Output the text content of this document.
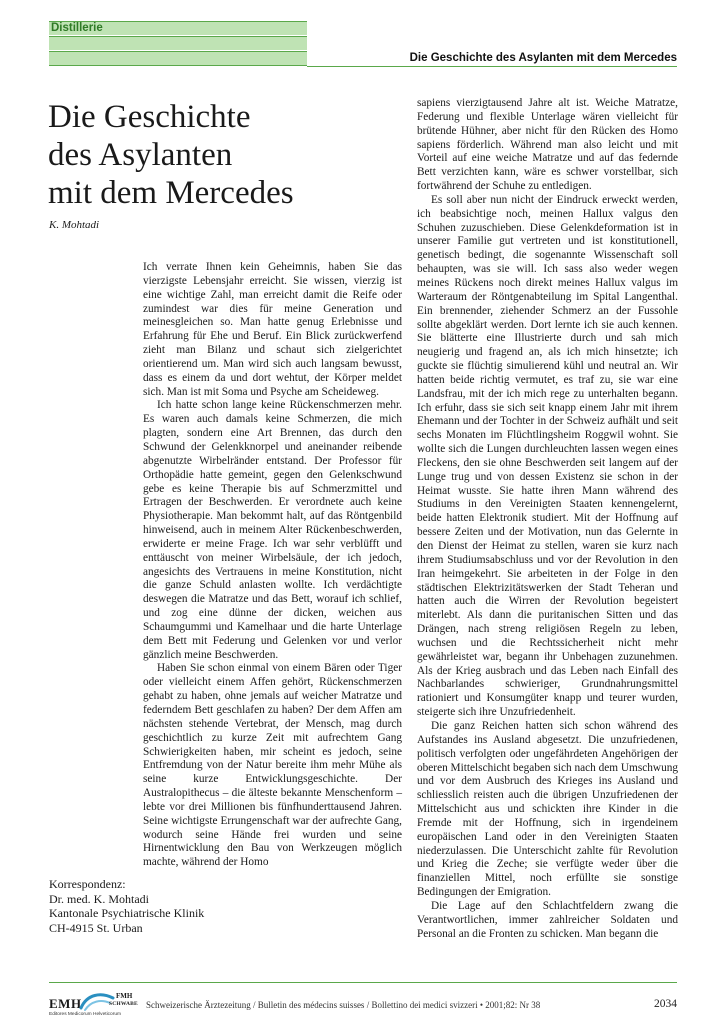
Distillerie
Die Geschichte des Asylanten mit dem Mercedes
Die Geschichte
des Asylanten
mit dem Mercedes
K. Mohtadi

Ich verrate Ihnen kein Geheimnis, haben Sie das vierzigste Lebensjahr erreicht. Sie wissen, vierzig ist eine wichtige Zahl, man erreicht damit die Reife oder zumindest war dies für meine Generation und meinesgleichen so. Man hatte genug Erlebnisse und Erfahrung für Ehe und Beruf. Ein Blick zurückwerfend zieht man Bilanz und schaut sich zielgerichtet orientierend um. Man wird sich auch langsam bewusst, dass es einem da und dort wehtut, der Körper meldet sich. Man ist mit Soma und Psyche am Scheideweg.

Ich hatte schon lange keine Rückenschmerzen mehr. Es waren auch damals keine Schmerzen, die mich plagten, sondern eine Art Brennen, das durch den Schwund der Gelenkknorpel und aneinander reibende abgenutzte Wirbelränder entstand. Der Professor für Orthopädie hatte gemeint, gegen den Gelenkschwund gebe es keine Therapie bis auf Schmerzmittel und Ertragen der Beschwerden. Er verordnete auch keine Physiotherapie. Man bekommt halt, auf das Röntgenbild hinweisend, auch in meinem Alter Rückenbeschwerden, erwiderte er meine Frage. Ich war sehr verblüfft und enttäuscht von meiner Wirbelsäule, der ich jedoch, angesichts des Vertrauens in meine Konstitution, nicht die ganze Schuld anlasten wollte. Ich verdächtigte deswegen die Matratze und das Bett, worauf ich schlief, und zog eine dünne der dicken, weichen aus Schaumgummi und Kamelhaar und die harte Unterlage dem Bett mit Federung und Gelenken vor und verlor gänzlich meine Beschwerden.

Haben Sie schon einmal von einem Bären oder Tiger oder vielleicht einem Affen gehört, Rückenschmerzen gehabt zu haben, ohne jemals auf weicher Matratze und federndem Bett geschlafen zu haben? Der dem Affen am nächsten stehende Vertebrat, der Mensch, mag durch geschichtlich zu kurze Zeit mit aufrechtem Gang Schwierigkeiten haben, mir scheint es jedoch, seine Entfremdung von der Natur bereite ihm mehr Mühe als seine kurze Entwicklungsgeschichte. Der Australopithecus – die älteste bekannte Menschenform – lebte vor drei Millionen bis fünfhunderttausend Jahren. Seine wichtigste Errungenschaft war der aufrechte Gang, wodurch seine Hände frei wurden und seine Hirnentwicklung den Bau von Werkzeugen möglich machte, während der Homo

sapiens vierzigtausend Jahre alt ist. Weiche Matratze, Federung und flexible Unterlage wären vielleicht für brütende Hühner, aber nicht für den Rücken des Homo sapiens förderlich. Während man also leicht und mit Vorteil auf eine weiche Matratze und auf das federnde Bett verzichten kann, wäre es schwer vorstellbar, sich fortwährend der Schuhe zu entledigen.

Es soll aber nun nicht der Eindruck erweckt werden, ich beabsichtige noch, meinen Hallux valgus den Schuhen zuzuschieben. Diese Gelenkdeformation ist in unserer Familie gut vertreten und ist konstitutionell, genetisch bedingt, die sogenannte Wissenschaft soll behaupten, was sie will. Ich sass also weder wegen meines Rückens noch direkt meines Hallux valgus im Warteraum der Röntgenabteilung im Spital Langenthal. Ein brennender, ziehender Schmerz an der Fussohle sollte abgeklärt werden. Dort lernte ich sie auch kennen. Sie blätterte eine Illustrierte durch und sah mich neugierig und fragend an, als ich mich hinsetzte; ich guckte sie flüchtig simulierend kühl und neutral an. Wir hatten beide richtig vermutet, es traf zu, sie war eine Landsfrau, mit der ich mich rege zu unterhalten begann. Ich erfuhr, dass sie sich seit knapp einem Jahr mit ihrem Ehemann und der Tochter in der Schweiz aufhält und seit sechs Monaten im Flüchtlingsheim Roggwil wohnt. Sie wollte sich die Lungen durchleuchten lassen wegen eines Fleckens, den sie ohne Beschwerden seit langem auf der Lunge trug und von dessen Existenz sie schon in der Heimat wusste. Sie hatte ihren Mann während des Studiums in den Vereinigten Staaten kennengelernt, beide hatten Elektronik studiert. Mit der Hoffnung auf bessere Zeiten und der Motivation, nun das Gelernte in den Dienst der Heimat zu stellen, waren sie kurz nach ihrem Studiumsabschluss und vor der Revolution in den Iran heimgekehrt. Sie arbeiteten in der Folge in den städtischen Elektrizitätswerken der Stadt Teheran und hatten auch die Wirren der Revolution begeistert miterlebt. Als dann die puritanischen Sitten und das Drängen, nach streng religiösen Regeln zu leben, wuchsen und die Rechtssicherheit nicht mehr gewährleistet war, begann ihr Unbehagen zuzunehmen. Als der Krieg ausbrach und das Leben nach Einfall des Nachbarlandes schwieriger, Grundnahrungsmittel rationiert und Konsumgüter knapp und teurer wurden, steigerte sich ihre Unzufriedenheit.

Die ganz Reichen hatten sich schon während des Aufstandes ins Ausland abgesetzt. Die unzufriedenen, politisch verfolgten oder ungefährdeten Angehörigen der oberen Mittelschicht begaben sich nach dem Umschwung und vor dem Ausbruch des Krieges ins Ausland und schliesslich reisten auch die übrigen Unzufriedenen der Mittelschicht aus und schickten ihre Kinder in die Fremde mit der Hoffnung, sich in irgendeinem europäischen Land oder in den Vereinigten Staaten niederzulassen. Die Unterschicht zahlte für Revolution und Krieg die Zeche; sie verfügte weder über die finanziellen Mittel, noch erfüllte sie sonstige Bedingungen der Emigration.

Die Lage auf den Schlachtfeldern zwang die Verantwortlichen, immer zahlreicher Soldaten und Personal an die Fronten zu schicken. Man begann die

Korrespondenz:
Dr. med. K. Mohtadi
Kantonale Psychiatrische Klinik
CH-4915 St. Urban
EMH	FMH
SCHWABE
Editores Medicorum Helveticorum
Schweizerische Ärztezeitung / Bulletin des médecins suisses / Bollettino dei medici svizzeri • 2001;82: Nr 38	2034
